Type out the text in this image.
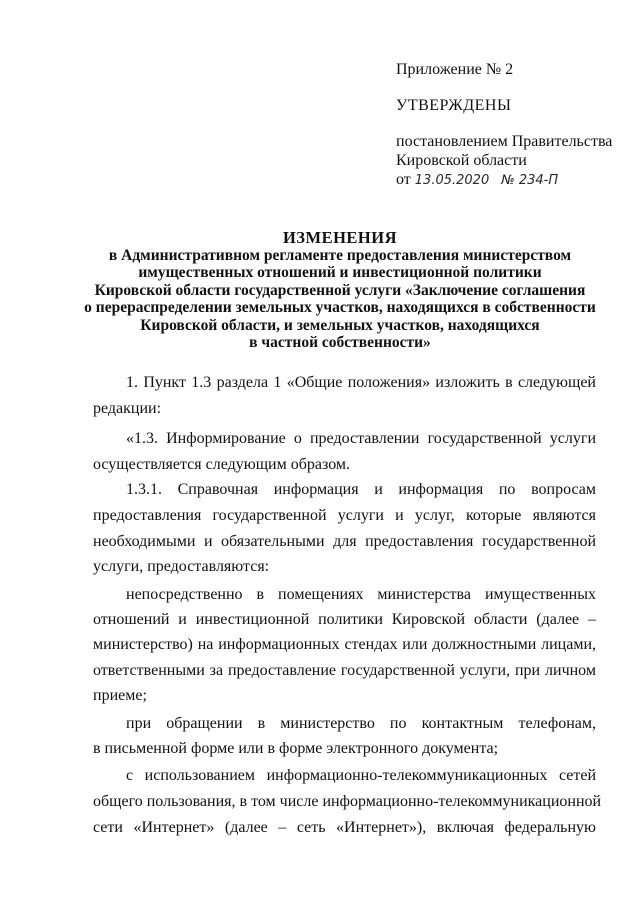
Приложение № 2
УТВЕРЖДЕНЫ
постановлением Правительства
Кировской области
от 13.05.2020 № 234-П
ИЗМЕНЕНИЯ
в Административном регламенте предоставления министерством
имущественных отношений и инвестиционной политики
Кировской области государственной услуги «Заключение соглашения
о перераспределении земельных участков, находящихся в собственности
Кировской области, и земельных участков, находящихся
в частной собственности»
1. Пункт 1.3 раздела 1 «Общие положения» изложить в следующей
редакции:
«1.3. Информирование о предоставлении государственной услуги
осуществляется следующим образом.
1.3.1. Справочная информация и информация по вопросам
предоставления государственной услуги и услуг, которые являются
необходимыми и обязательными для предоставления государственной
услуги, предоставляются:
непосредственно в помещениях министерства имущественных
отношений и инвестиционной политики Кировской области (далее –
министерство) на информационных стендах или должностными лицами,
ответственными за предоставление государственной услуги, при личном
приеме;
при обращении в министерство по контактным телефонам,
в письменной форме или в форме электронного документа;
с использованием информационно-телекоммуникационных сетей
общего пользования, в том числе информационно-телекоммуникационной
сети «Интернет» (далее – сеть «Интернет»), включая федеральную
